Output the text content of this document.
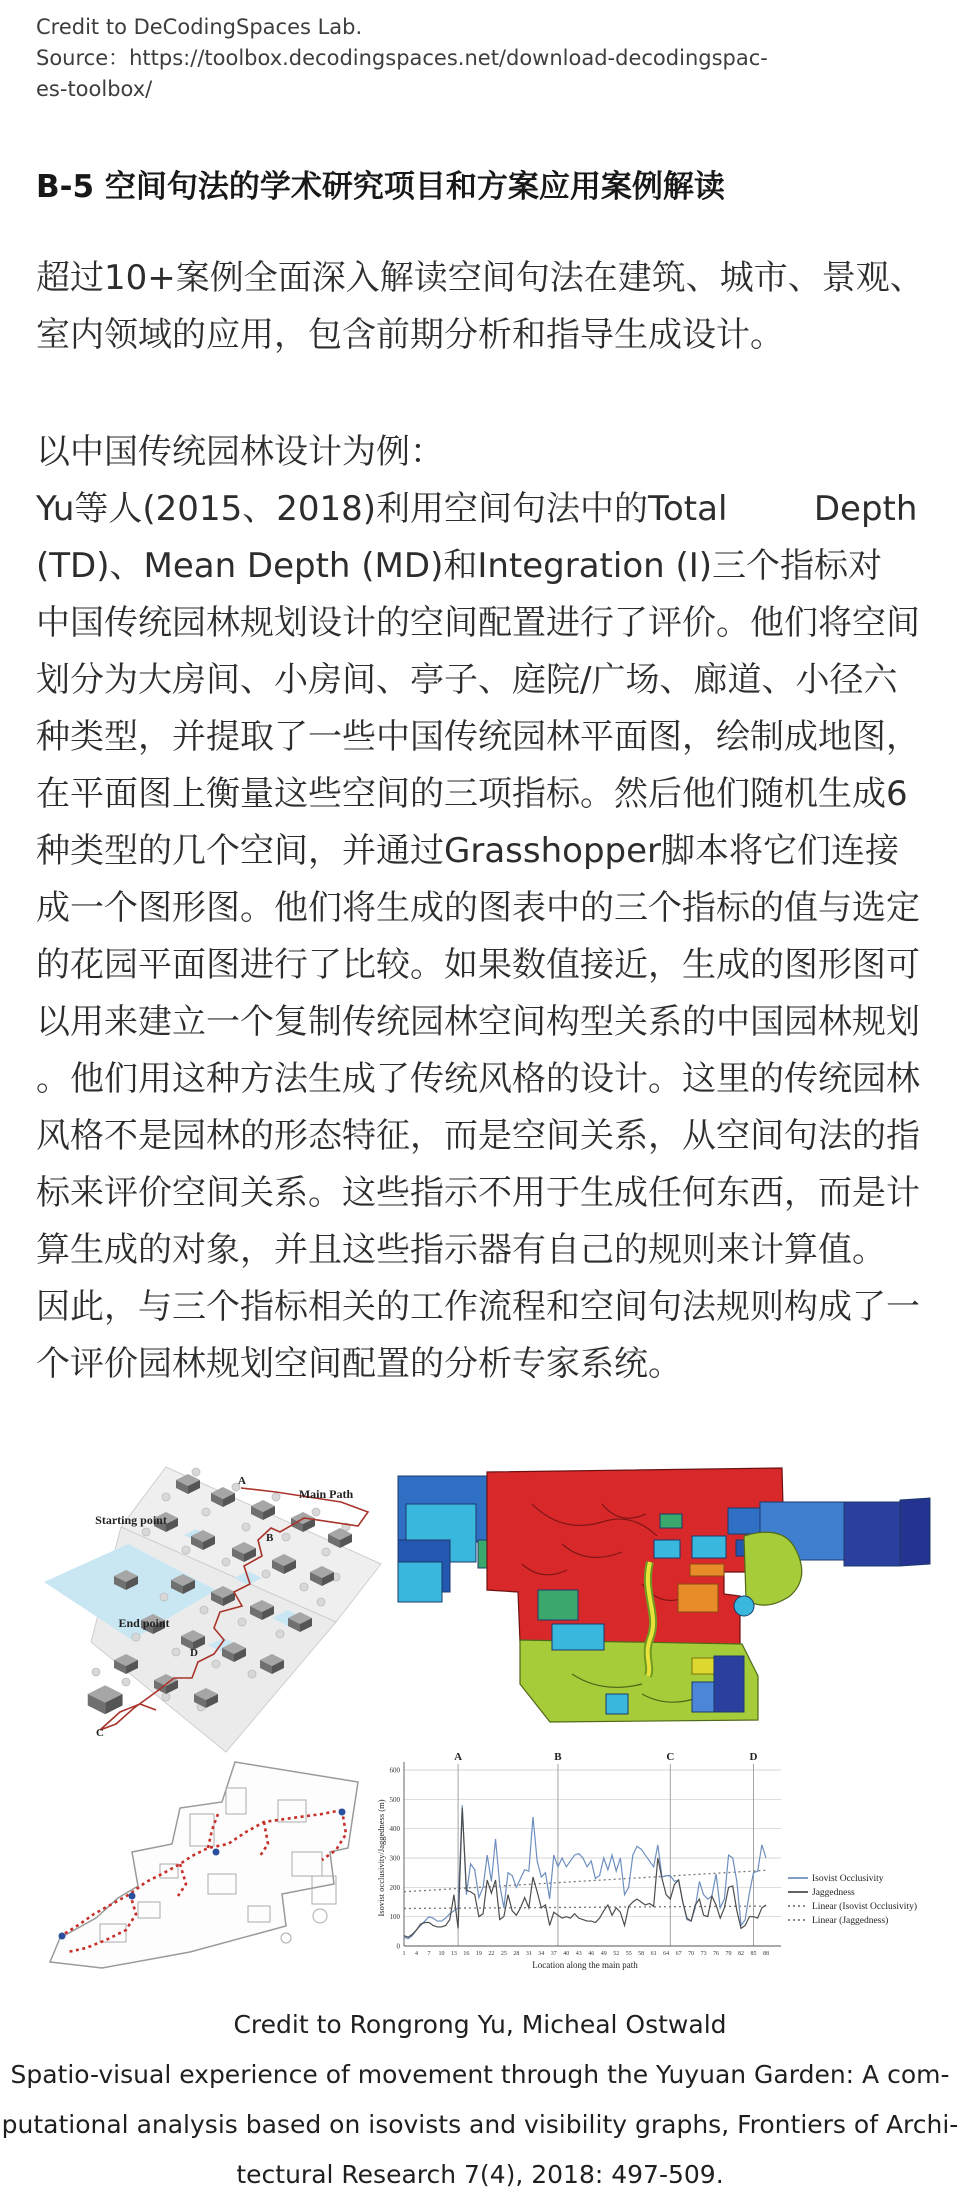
Credit to DeCodingSpaces Lab.
Source：https://toolbox.decodingspaces.net/download-decodingspac-
es-toolbox/
B-5 空间句法的学术研究项目和方案应用案例解读
超过10+案例全面深入解读空间句法在建筑、城市、景观、
室内领域的应用，包含前期分析和指导生成设计。
以中国传统园林设计为例：
Yu等人(2015、2018)利用空间句法中的Total        Depth
(TD)、Mean Depth (MD)和Integration (I)三个指标对
中国传统园林规划设计的空间配置进行了评价。他们将空间
划分为大房间、小房间、亭子、庭院/广场、廊道、小径六
种类型，并提取了一些中国传统园林平面图，绘制成地图，
在平面图上衡量这些空间的三项指标。然后他们随机生成6
种类型的几个空间，并通过Grasshopper脚本将它们连接
成一个图形图。他们将生成的图表中的三个指标的值与选定
的花园平面图进行了比较。如果数值接近，生成的图形图可
以用来建立一个复制传统园林空间构型关系的中国园林规划
。他们用这种方法生成了传统风格的设计。这里的传统园林
风格不是园林的形态特征，而是空间关系，从空间句法的指
标来评价空间关系。这些指示不用于生成任何东西，而是计
算生成的对象，并且这些指示器有自己的规则来计算值。
因此，与三个指标相关的工作流程和空间句法规则构成了一
个评价园林规划空间配置的分析专家系统。
Starting point
Main Path
End point
A
B
C
D
0
100
200
300
400
500
600
A	B	C	D
1 4 7 10 13 16 19 22 25 28 31 34 37 40 43 46 49 52 55 58 61 64 67 70 73 76 79 82 85 88
Location along the main path
Isovist occlusivity/Jaggedness (m)	Isovist Occlusivity
Jaggedness
Linear (Isovist Occlusivity)
Linear (Jaggedness)
Credit to Rongrong Yu, Micheal Ostwald
Spatio-visual experience of movement through the Yuyuan Garden: A com-
putational analysis based on isovists and visibility graphs, Frontiers of Archi-
tectural Research 7(4), 2018: 497-509.
